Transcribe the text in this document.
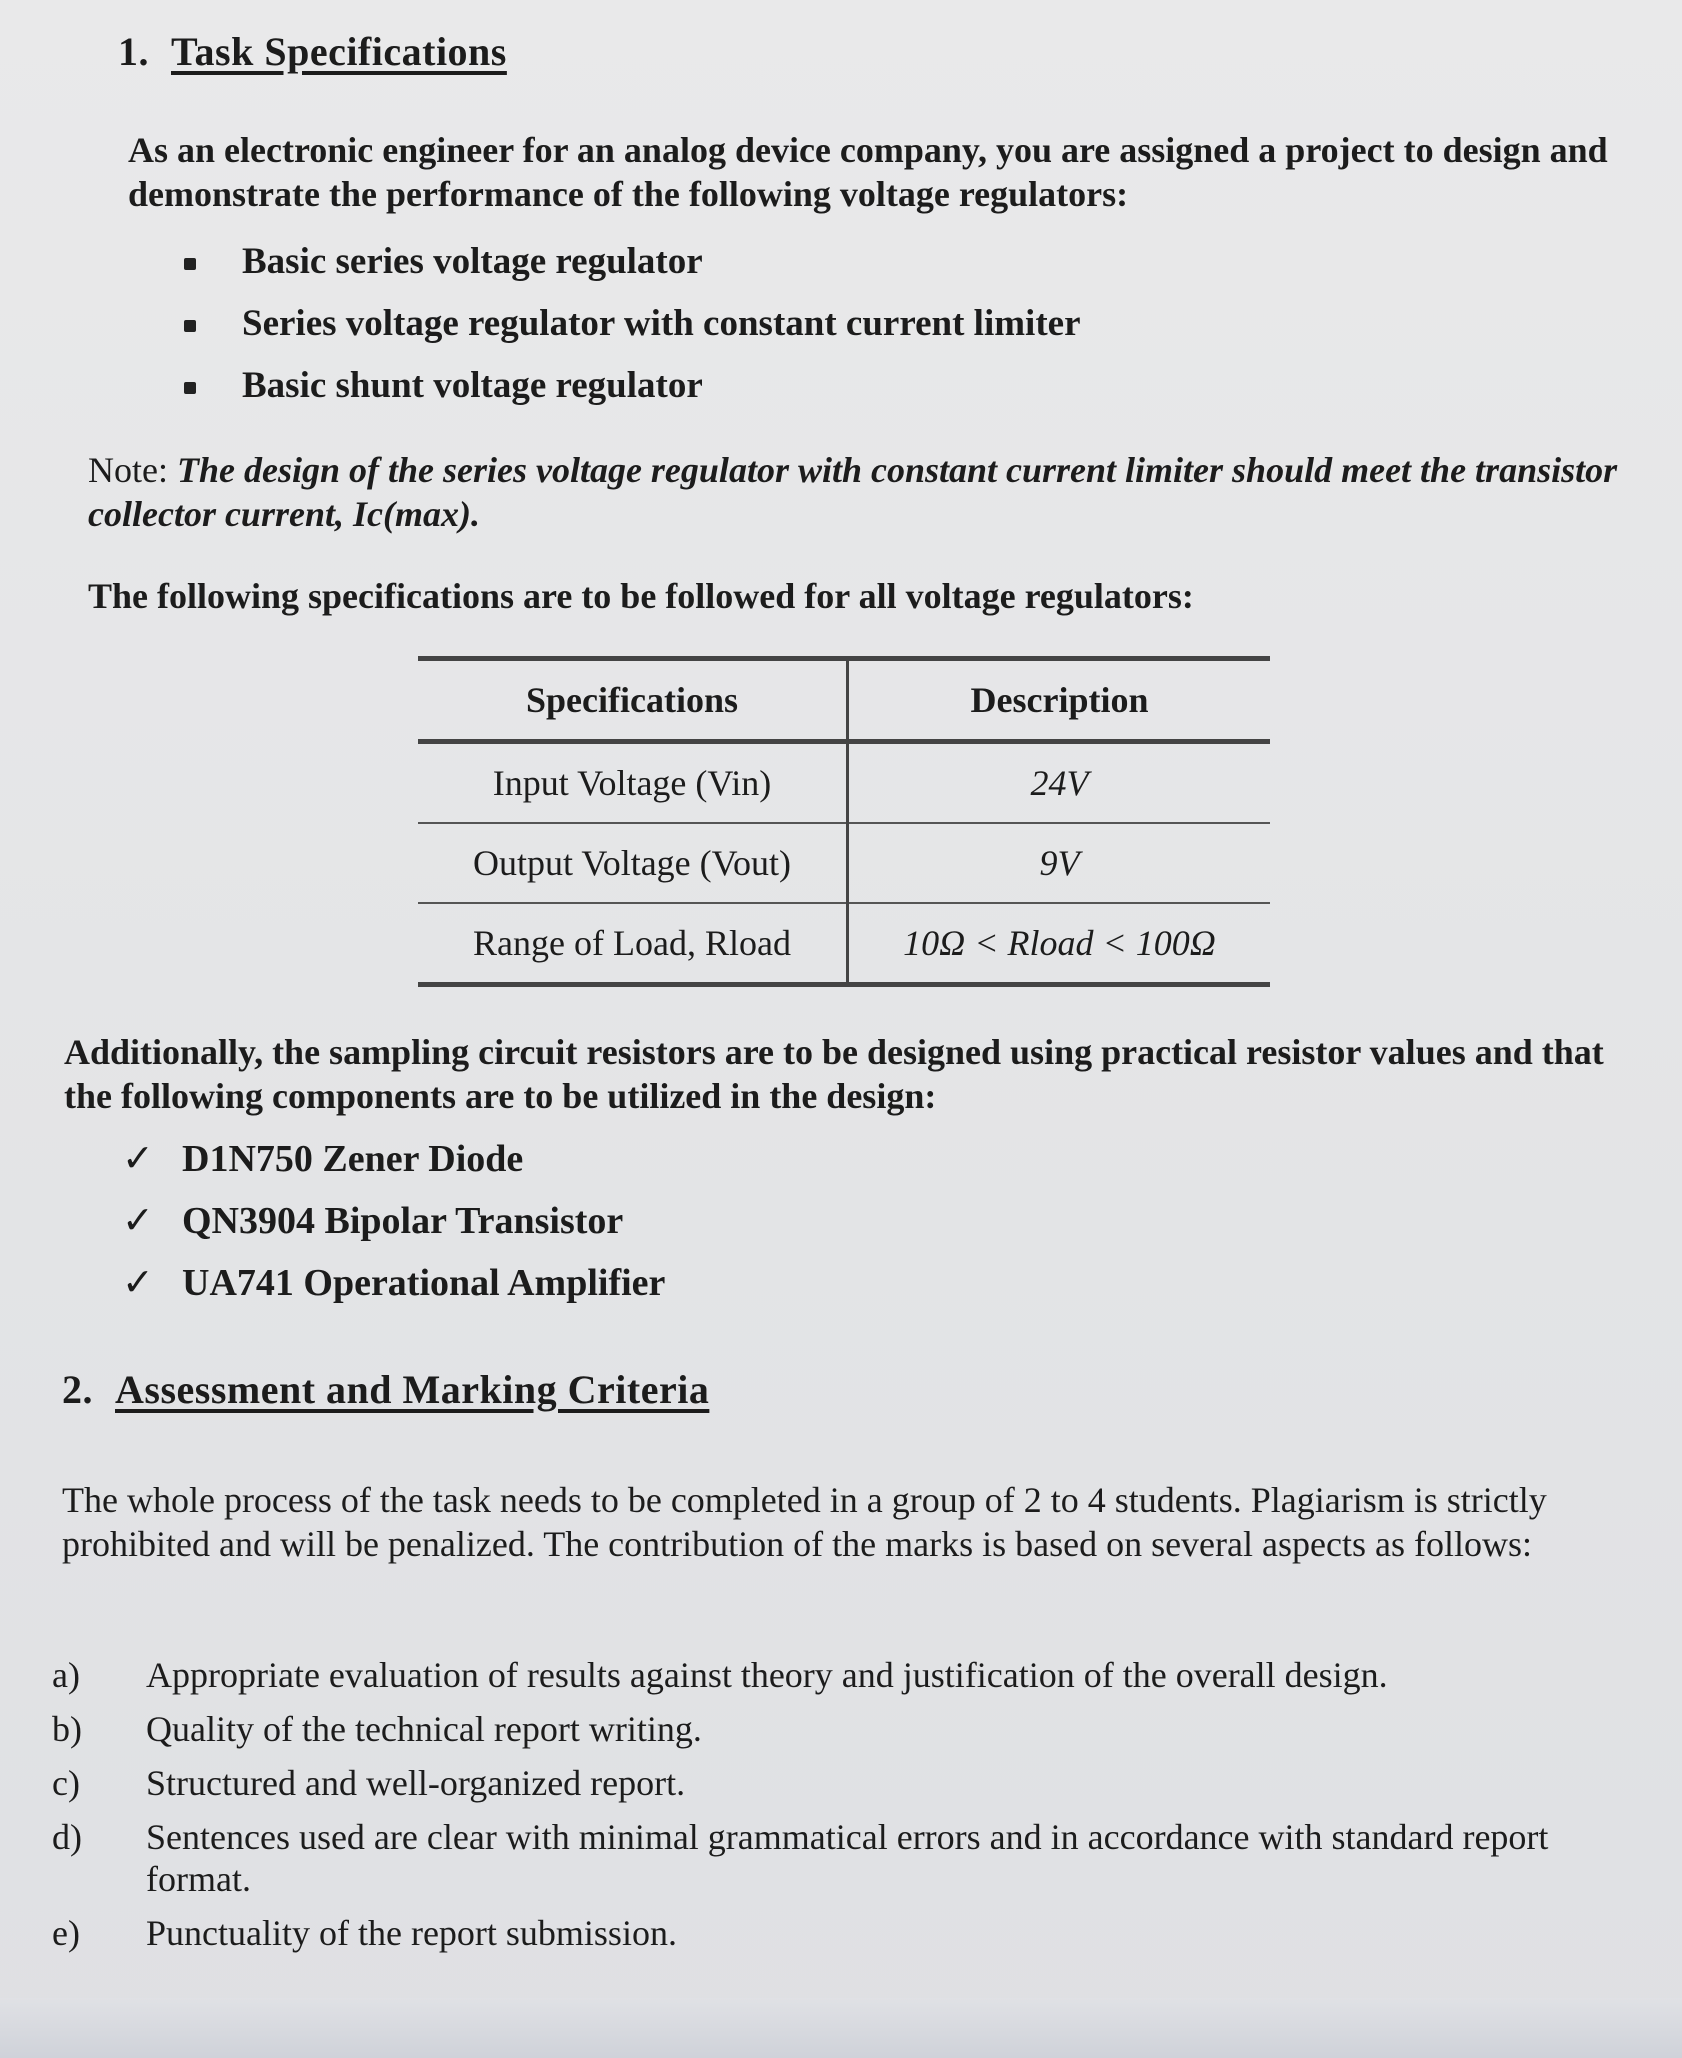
1. Task Specifications
As an electronic engineer for an analog device company, you are assigned a project to design and demonstrate the performance of the following voltage regulators:
Basic series voltage regulator
Series voltage regulator with constant current limiter
Basic shunt voltage regulator
Note: The design of the series voltage regulator with constant current limiter should meet the transistor collector current, Ic(max).
The following specifications are to be followed for all voltage regulators:
Specifications	Description
Input Voltage (Vin)	24V
Output Voltage (Vout)	9V
Range of Load, Rload	10Ω < Rload < 100Ω
Additionally, the sampling circuit resistors are to be designed using practical resistor values and that the following components are to be utilized in the design:
✓ D1N750 Zener Diode
✓ QN3904 Bipolar Transistor
✓ UA741 Operational Amplifier
2. Assessment and Marking Criteria
The whole process of the task needs to be completed in a group of 2 to 4 students. Plagiarism is strictly prohibited and will be penalized. The contribution of the marks is based on several aspects as follows:
a) Appropriate evaluation of results against theory and justification of the overall design.
b) Quality of the technical report writing.
c) Structured and well-organized report.
d) Sentences used are clear with minimal grammatical errors and in accordance with standard report format.
e) Punctuality of the report submission.
